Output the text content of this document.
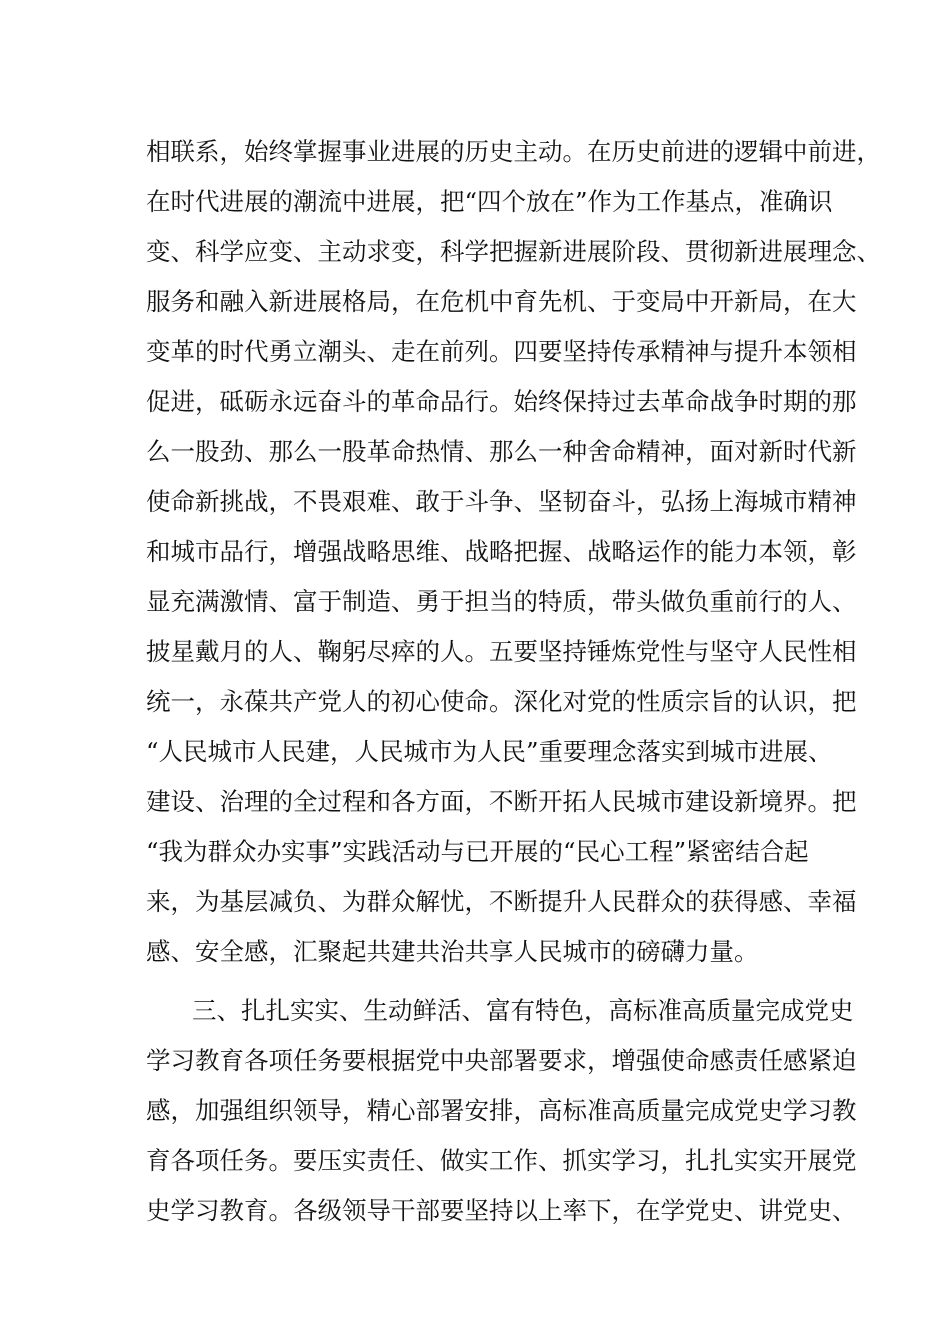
相联系，始终掌握事业进展的历史主动。在历史前进的逻辑中前进，
在时代进展的潮流中进展，把“四个放在”作为工作基点，准确识
变、科学应变、主动求变，科学把握新进展阶段、贯彻新进展理念、
服务和融入新进展格局，在危机中育先机、于变局中开新局，在大
变革的时代勇立潮头、走在前列。四要坚持传承精神与提升本领相
促进，砥砺永远奋斗的革命品行。始终保持过去革命战争时期的那
么一股劲、那么一股革命热情、那么一种舍命精神，面对新时代新
使命新挑战，不畏艰难、敢于斗争、坚韧奋斗，弘扬上海城市精神
和城市品行，增强战略思维、战略把握、战略运作的能力本领，彰
显充满激情、富于制造、勇于担当的特质，带头做负重前行的人、
披星戴月的人、鞠躬尽瘁的人。五要坚持锤炼党性与坚守人民性相
统一，永葆共产党人的初心使命。深化对党的性质宗旨的认识，把
“人民城市人民建，人民城市为人民”重要理念落实到城市进展、
建设、治理的全过程和各方面，不断开拓人民城市建设新境界。把
“我为群众办实事”实践活动与已开展的“民心工程”紧密结合起
来，为基层减负、为群众解忧，不断提升人民群众的获得感、幸福
感、安全感，汇聚起共建共治共享人民城市的磅礴力量。
三、扎扎实实、生动鲜活、富有特色，高标准高质量完成党史
学习教育各项任务要根据党中央部署要求，增强使命感责任感紧迫
感，加强组织领导，精心部署安排，高标准高质量完成党史学习教
育各项任务。要压实责任、做实工作、抓实学习，扎扎实实开展党
史学习教育。各级领导干部要坚持以上率下，在学党史、讲党史、
